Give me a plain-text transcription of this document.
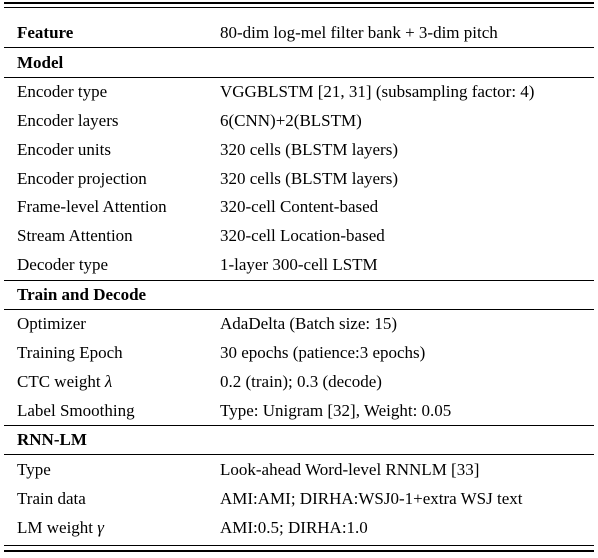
Feature	80-dim log-mel filter bank + 3-dim pitch
Model
Encoder type	VGGBLSTM [21, 31] (subsampling factor: 4)
Encoder layers	6(CNN)+2(BLSTM)
Encoder units	320 cells (BLSTM layers)
Encoder projection	320 cells (BLSTM layers)
Frame-level Attention	320-cell Content-based
Stream Attention	320-cell Location-based
Decoder type	1-layer 300-cell LSTM
Train and Decode
Optimizer	AdaDelta (Batch size: 15)
Training Epoch	30 epochs (patience:3 epochs)
CTC weight λ	0.2 (train); 0.3 (decode)
Label Smoothing	Type: Unigram [32], Weight: 0.05
RNN-LM
Type	Look-ahead Word-level RNNLM [33]
Train data	AMI:AMI; DIRHA:WSJ0-1+extra WSJ text
LM weight γ	AMI:0.5; DIRHA:1.0
